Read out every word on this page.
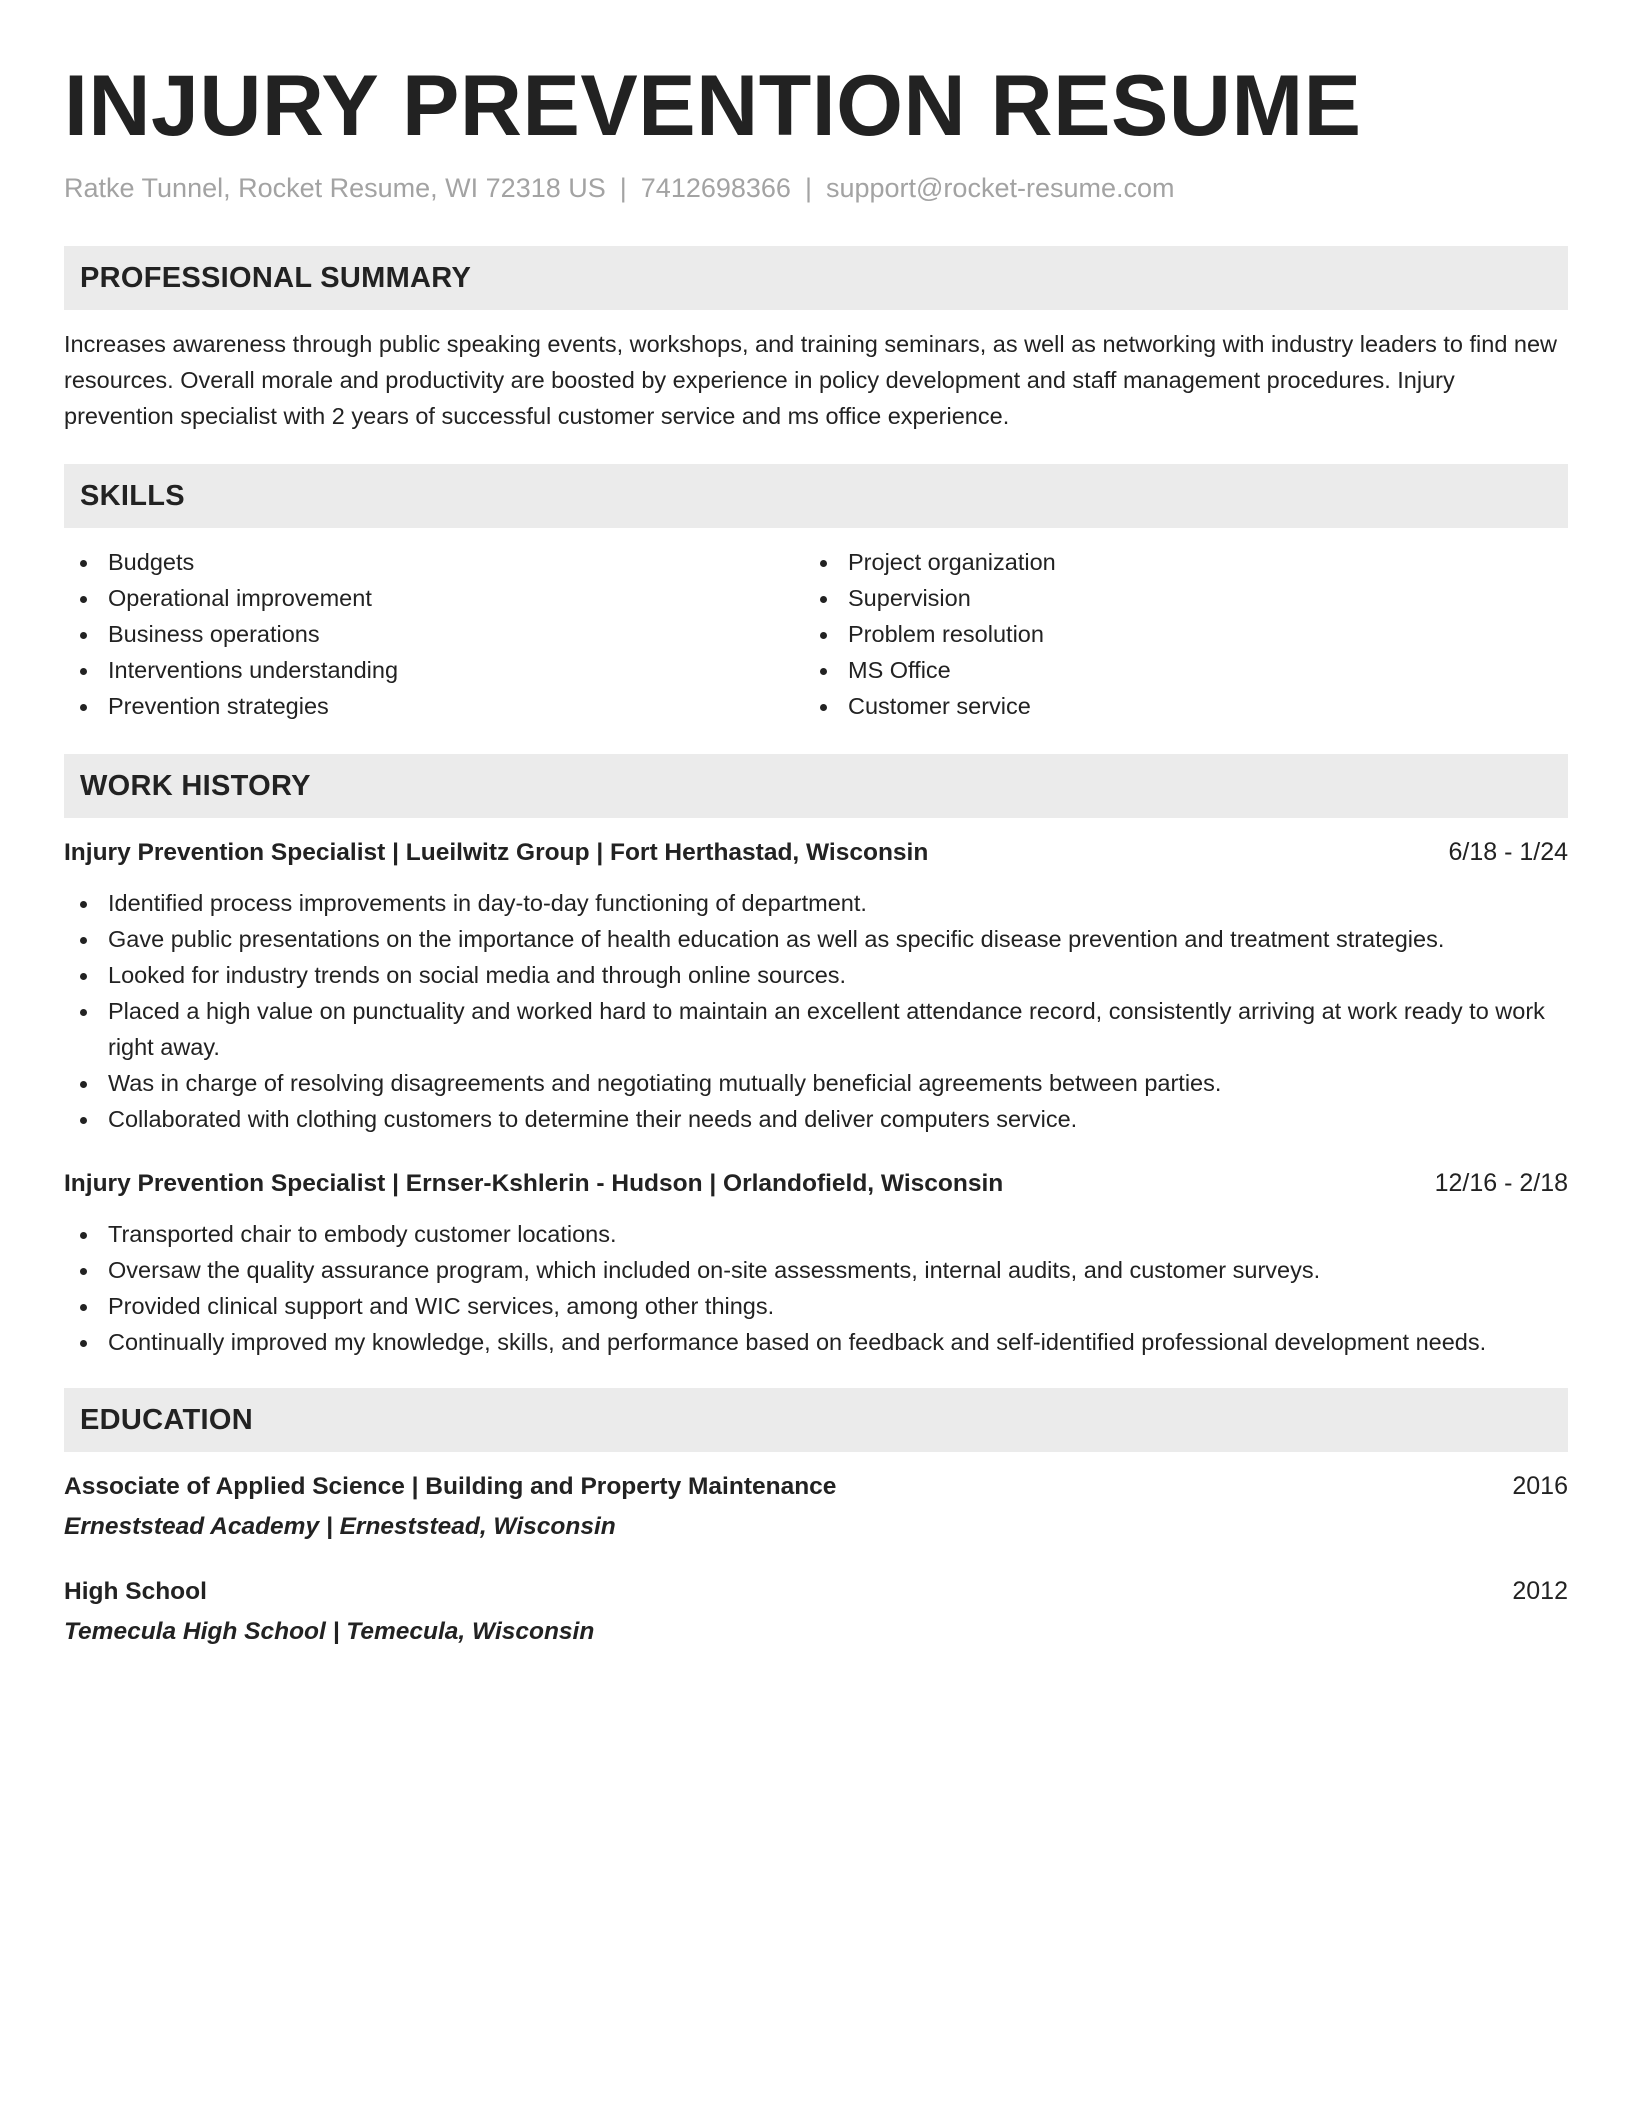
INJURY PREVENTION RESUME
Ratke Tunnel, Rocket Resume, WI 72318 US | 7412698366 | support@rocket-resume.com
PROFESSIONAL SUMMARY
Increases awareness through public speaking events, workshops, and training seminars, as well as networking with industry leaders to find new resources. Overall morale and productivity are boosted by experience in policy development and staff management procedures. Injury prevention specialist with 2 years of successful customer service and ms office experience.
SKILLS
Budgets
Operational improvement
Business operations
Interventions understanding
Prevention strategies
Project organization
Supervision
Problem resolution
MS Office
Customer service
WORK HISTORY
Injury Prevention Specialist | Lueilwitz Group | Fort Herthastad, Wisconsin	6/18 - 1/24
Identified process improvements in day-to-day functioning of department.
Gave public presentations on the importance of health education as well as specific disease prevention and treatment strategies.
Looked for industry trends on social media and through online sources.
Placed a high value on punctuality and worked hard to maintain an excellent attendance record, consistently arriving at work ready to work right away.
Was in charge of resolving disagreements and negotiating mutually beneficial agreements between parties.
Collaborated with clothing customers to determine their needs and deliver computers service.
Injury Prevention Specialist | Ernser-Kshlerin - Hudson | Orlandofield, Wisconsin	12/16 - 2/18
Transported chair to embody customer locations.
Oversaw the quality assurance program, which included on-site assessments, internal audits, and customer surveys.
Provided clinical support and WIC services, among other things.
Continually improved my knowledge, skills, and performance based on feedback and self-identified professional development needs.
EDUCATION
Associate of Applied Science | Building and Property Maintenance	2016
Erneststead Academy | Erneststead, Wisconsin
High School	2012
Temecula High School | Temecula, Wisconsin
